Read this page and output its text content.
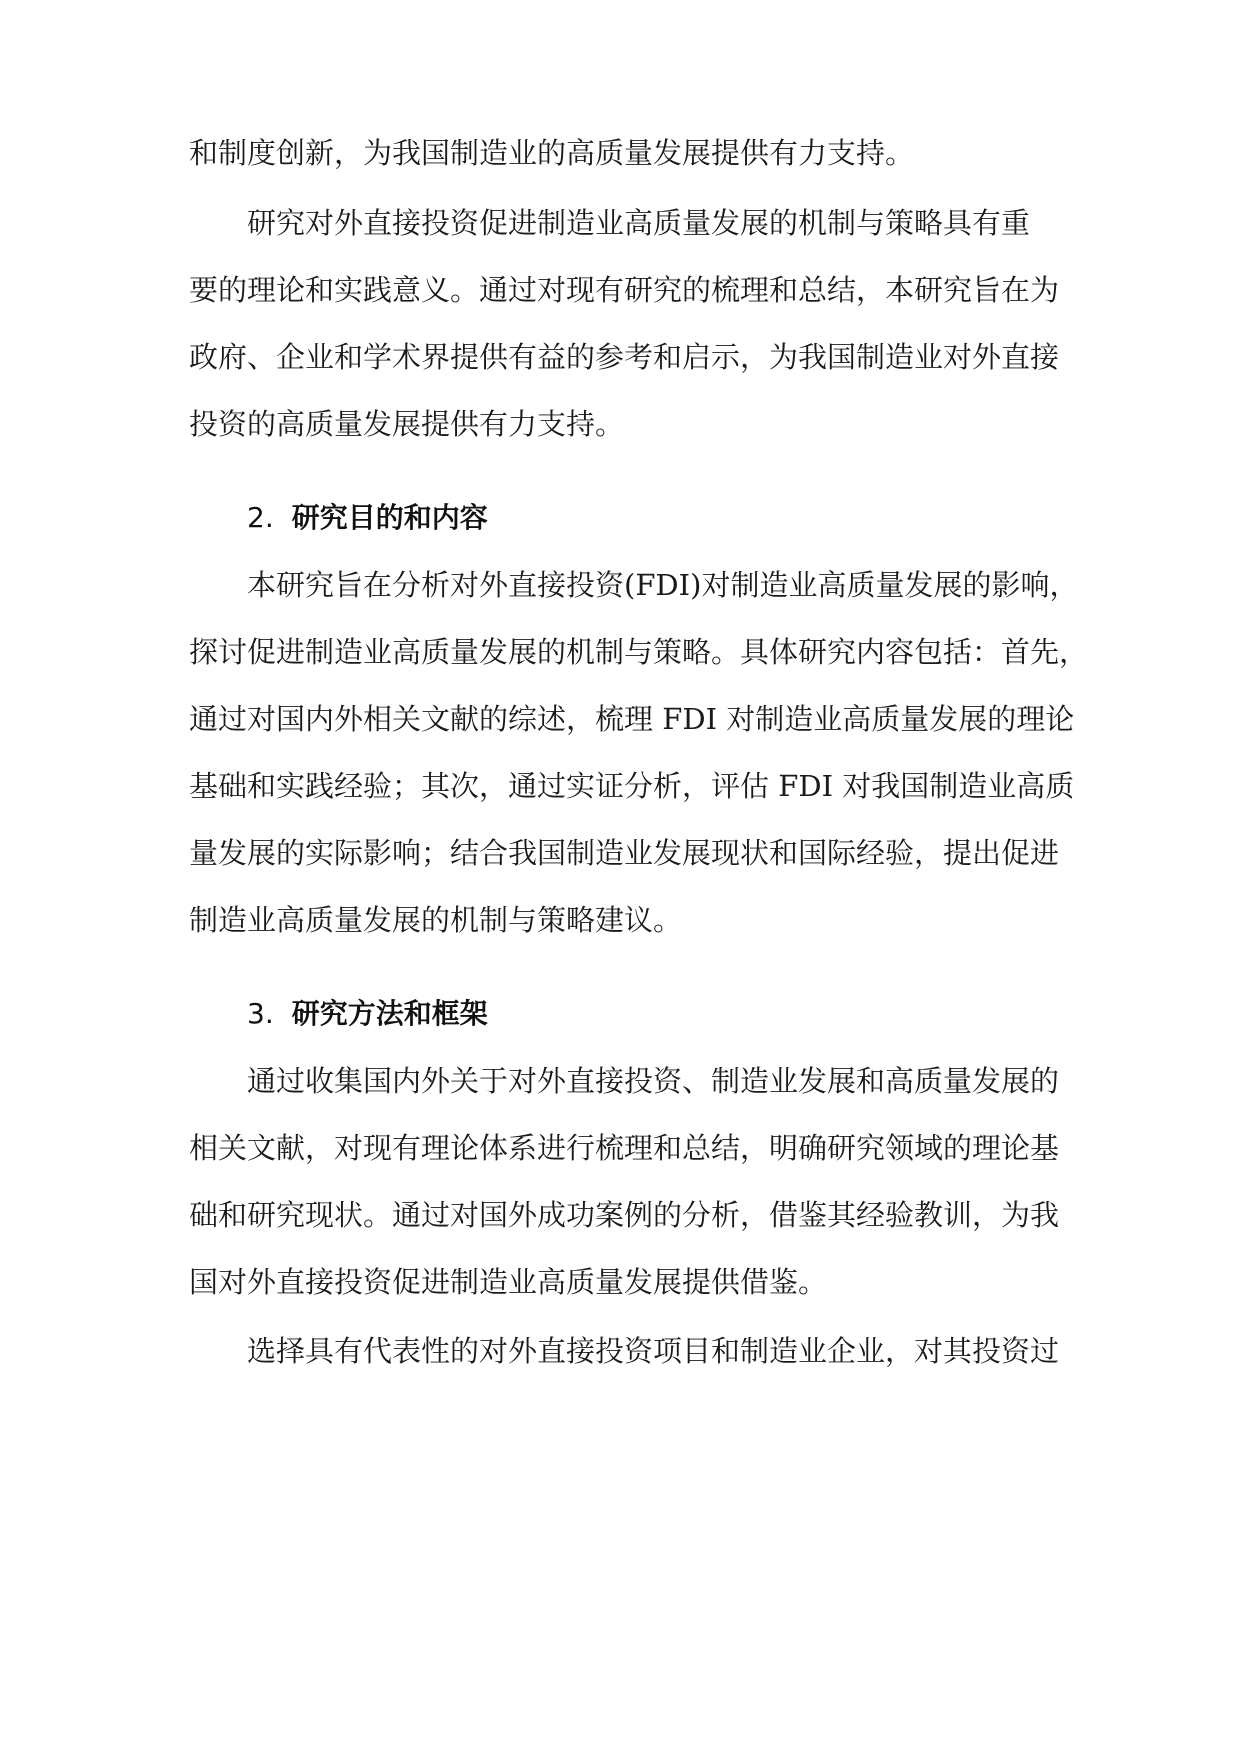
和制度创新，为我国制造业的高质量发展提供有力支持。
研究对外直接投资促进制造业高质量发展的机制与策略具有重
要的理论和实践意义。通过对现有研究的梳理和总结，本研究旨在为
政府、企业和学术界提供有益的参考和启示，为我国制造业对外直接
投资的高质量发展提供有力支持。
2. 研究目的和内容
本研究旨在分析对外直接投资(FDI)对制造业高质量发展的影响，
探讨促进制造业高质量发展的机制与策略。具体研究内容包括：首先，
通过对国内外相关文献的综述，梳理 FDI 对制造业高质量发展的理论
基础和实践经验；其次，通过实证分析，评估 FDI 对我国制造业高质
量发展的实际影响；结合我国制造业发展现状和国际经验，提出促进
制造业高质量发展的机制与策略建议。
3. 研究方法和框架
通过收集国内外关于对外直接投资、制造业发展和高质量发展的
相关文献，对现有理论体系进行梳理和总结，明确研究领域的理论基
础和研究现状。通过对国外成功案例的分析，借鉴其经验教训，为我
国对外直接投资促进制造业高质量发展提供借鉴。
选择具有代表性的对外直接投资项目和制造业企业，对其投资过
